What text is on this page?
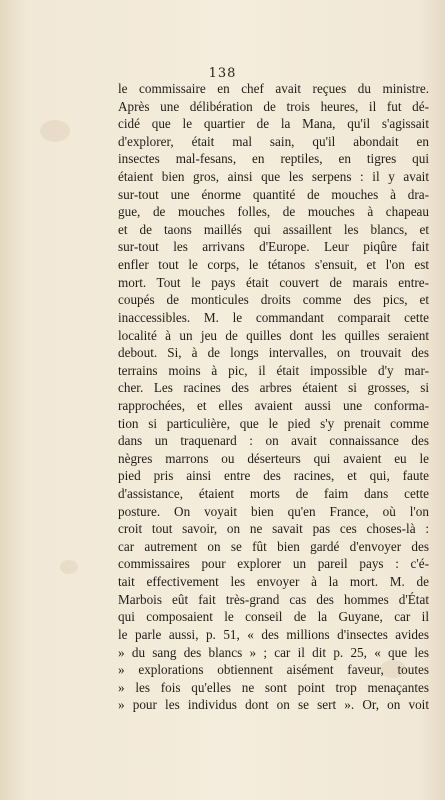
138
le commissaire en chef avait reçues du ministre.
Après une délibération de trois heures, il fut dé-
cidé que le quartier de la Mana, qu'il s'agissait
d'explorer, était mal sain, qu'il abondait en
insectes mal-fesans, en reptiles, en tigres qui
étaient bien gros, ainsi que les serpens : il y avait
sur-tout une énorme quantité de mouches à dra-
gue, de mouches folles, de mouches à chapeau
et de taons maillés qui assaillent les blancs, et
sur-tout les arrivans d'Europe. Leur piqûre fait
enfler tout le corps, le tétanos s'ensuit, et l'on est
mort. Tout le pays était couvert de marais entre-
coupés de monticules droits comme des pics, et
inaccessibles. M. le commandant comparait cette
localité à un jeu de quilles dont les quilles seraient
debout. Si, à de longs intervalles, on trouvait des
terrains moins à pic, il était impossible d'y mar-
cher. Les racines des arbres étaient si grosses, si
rapprochées, et elles avaient aussi une conforma-
tion si particulière, que le pied s'y prenait comme
dans un traquenard : on avait connaissance des
nègres marrons ou déserteurs qui avaient eu le
pied pris ainsi entre des racines, et qui, faute
d'assistance, étaient morts de faim dans cette
posture. On voyait bien qu'en France, où l'on
croit tout savoir, on ne savait pas ces choses-là :
car autrement on se fût bien gardé d'envoyer des
commissaires pour explorer un pareil pays : c'é-
tait effectivement les envoyer à la mort. M. de
Marbois eût fait très-grand cas des hommes d'État
qui composaient le conseil de la Guyane, car il
le parle aussi, p. 51, « des millions d'insectes avides
» du sang des blancs » ; car il dit p. 25, « que les
» explorations obtiennent aisément faveur, toutes
» les fois qu'elles ne sont point trop menaçantes
» pour les individus dont on se sert ». Or, on voit
